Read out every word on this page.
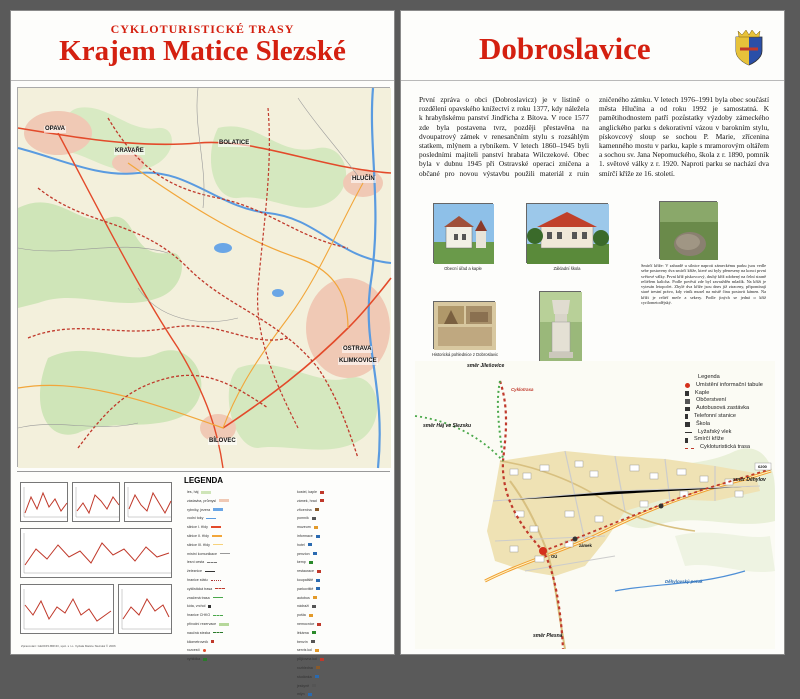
CYKLOTURISTICKÉ TRASY
Krajem Matice Slezské
OPAVA
KRAVAŘE
BOLATICE
HLUČÍN
OSTRAVA
KLIMKOVICE
BÍLOVEC
LEGENDA
les, háj
zástavba, průmysl
rybníky, jezera
vodní toky
silnice I. třídy
silnice II. třídy
silnice III. třídy
místní komunikace
lesní cesta
železnice
hranice státu
cyklistická trasa
značená trasa
kóta, vrchol
hranice CHKO
přírodní rezervace
naučná stezka
kilometrovník
rozcestí
vyhlídka
kostel, kaple
zámek, hrad
zřícenina
pomník
muzeum
informace
hotel
penzion
kemp
restaurace
koupaliště
parkoviště
autobus
nádraží
pošta
nemocnice
lékárna
benzín
servis kol
půjčovna kol
rozhledna
studánka
jeskyně
mlýn
Zpracování: GEODIS BRNO, spol. s r.o. Vydala Matice Slezská © 2006
Dobroslavice
První zpráva o obci (Dobroslavicz) je v listině o rozdělení opavského knížectví z roku 1377, kdy náležela k hrabyňskému panství Jindřicha z Bítova. V roce 1577 zde byla postavena tvrz, později přestavěna na dvoupatrový zámek v renesančním stylu s rozsáhlým statkem, mlýnem a rybníkem. V letech 1860–1945 byli posledními majiteli panství hrabata Wilczekové. Obec byla v dubnu 1945 při Ostravské operaci zničena a občané pro novou výstavbu použili materiál z ruin zničeného zámku. V letech 1976–1991 byla obec součástí města Hlučína a od roku 1992 je samostatná. K pamětihodnostem patří pozůstatky výzdoby zámeckého anglického parku s dekorativní vázou v barokním stylu, pískovcový sloup se sochou P. Marie, zřícenina kamenného mostu v parku, kaple s mramorovým oltářem a sochou sv. Jana Nepomuckého, škola z r. 1890, pomník 1. světové války z r. 1920. Naproti parku se nachází dva smírčí kříže ze 16. století.
Obecní úřad a kaple	Základní škola
Historická pohlednice z Dobroslavic
Smírčí kříže: V zahradě u silnice naproti zámeckému parku jsou vedle sebe postaveny dva smírčí kříže, které asi byly přeneseny na konci první světové války. První kříž pískovcový, druhý kříž zdobený na čelní straně reliéfem kalicha. Podle pověstí zde byl zavražděn mladík. Na kříži je vytesán letopočet. Zbylé dva kříže jsou dnes již ztraceny, připomínají staré trestní právo, kdy viník musel na místě činu postavit kámen. Na kříži je reliéf meče a sekery. Podle jiných se jedná o kříž cyrilometodějský.
směr Jilešovice
směr Háj ve Slezsku
směr Děhylov
směr Plesná
Cyklotrasa
6200
Děhylovský potok
zámek
OÚ
Legenda
Umístění informační tabule
Kaple
Občerstvení
Autobusová zastávka
Telefonní stanice
Škola
Lyžařský vlek
Smírčí kříže
Cykloturistická trasa
